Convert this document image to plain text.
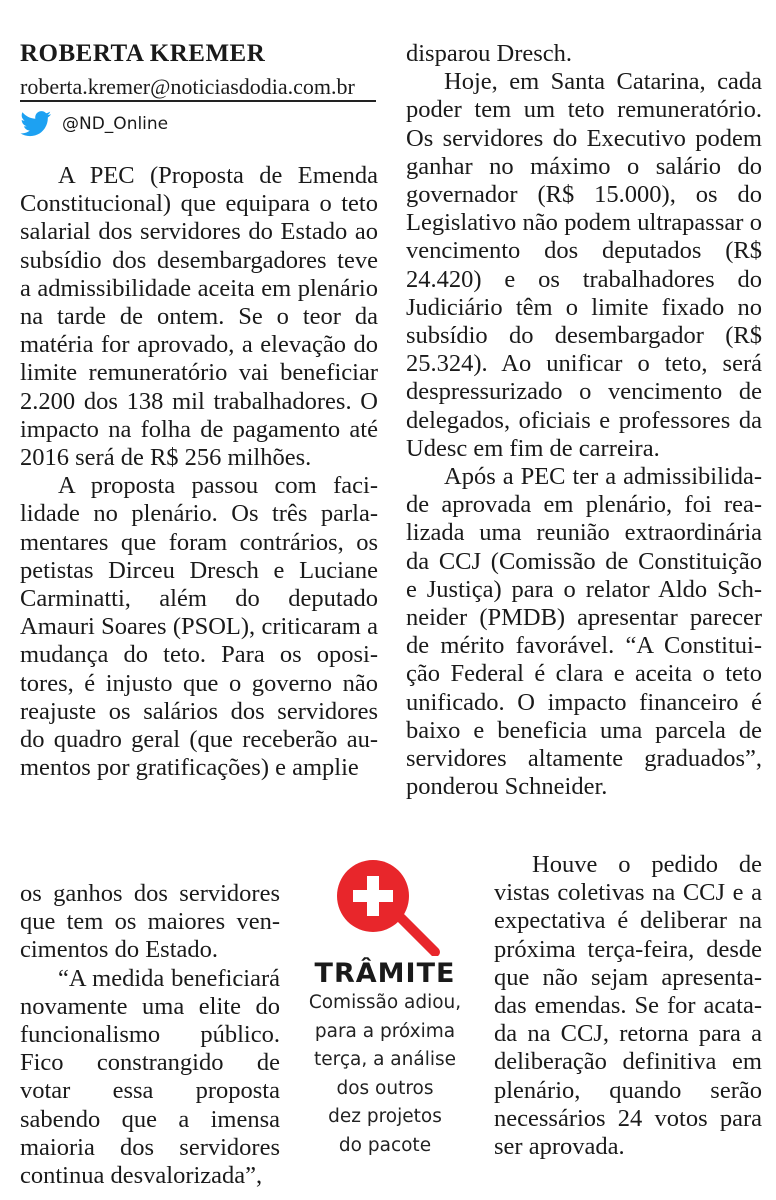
ROBERTA KREMER
roberta.kremer@noticiasdodia.com.br
@ND_Online

A PEC (Proposta de Emenda Constitucional) que equipara o teto salarial dos servidores do Estado ao subsídio dos desembargadores teve a admissibilidade aceita em plenário na tarde de ontem. Se o teor da matéria for aprovado, a elevação do limite remuneratório vai beneficiar 2.200 dos 138 mil trabalhadores. O impacto na folha de pagamento até 2016 será de R$ 256 milhões.

A proposta passou com facilidade no plenário. Os três parlamentares que foram contrários, os petistas Dirceu Dresch e Luciane Carminatti, além do deputado Amauri Soares (PSOL), criticaram a mudança do teto. Para os opositores, é injusto que o governo não reajuste os salários dos servidores do quadro geral (que receberão aumentos por gratificações) e amplie

os ganhos dos servidores que tem os maiores vencimentos do Estado.

“A medida beneficiará novamente uma elite do funcionalismo público. Fico constrangido de votar essa proposta sabendo que a imensa maioria dos servidores continua desvalorizada”,

disparou Dresch.

Hoje, em Santa Catarina, cada poder tem um teto remuneratório. Os servidores do Executivo podem ganhar no máximo o salário do governador (R$ 15.000), os do Legislativo não podem ultrapassar o vencimento dos deputados (R$ 24.420) e os trabalhadores do Judiciário têm o limite fixado no subsídio do desembargador (R$ 25.324). Ao unificar o teto, será despressurizado o vencimento de delegados, oficiais e professores da Udesc em fim de carreira.

Após a PEC ter a admissibilidade aprovada em plenário, foi realizada uma reunião extraordinária da CCJ (Comissão de Constituição e Justiça) para o relator Aldo Schneider (PMDB) apresentar parecer de mérito favorável. “A Constituição Federal é clara e aceita o teto unificado. O impacto financeiro é baixo e beneficia uma parcela de servidores altamente graduados”, ponderou Schneider.

Houve o pedido de vistas coletivas na CCJ e a expectativa é deliberar na próxima terça-feira, desde que não sejam apresentadas emendas. Se for acatada na CCJ, retorna para a deliberação definitiva em plenário, quando serão necessários 24 votos para ser aprovada.

TRÂMITE
Comissão adiou,
para a próxima
terça, a análise
dos outros
dez projetos
do pacote
